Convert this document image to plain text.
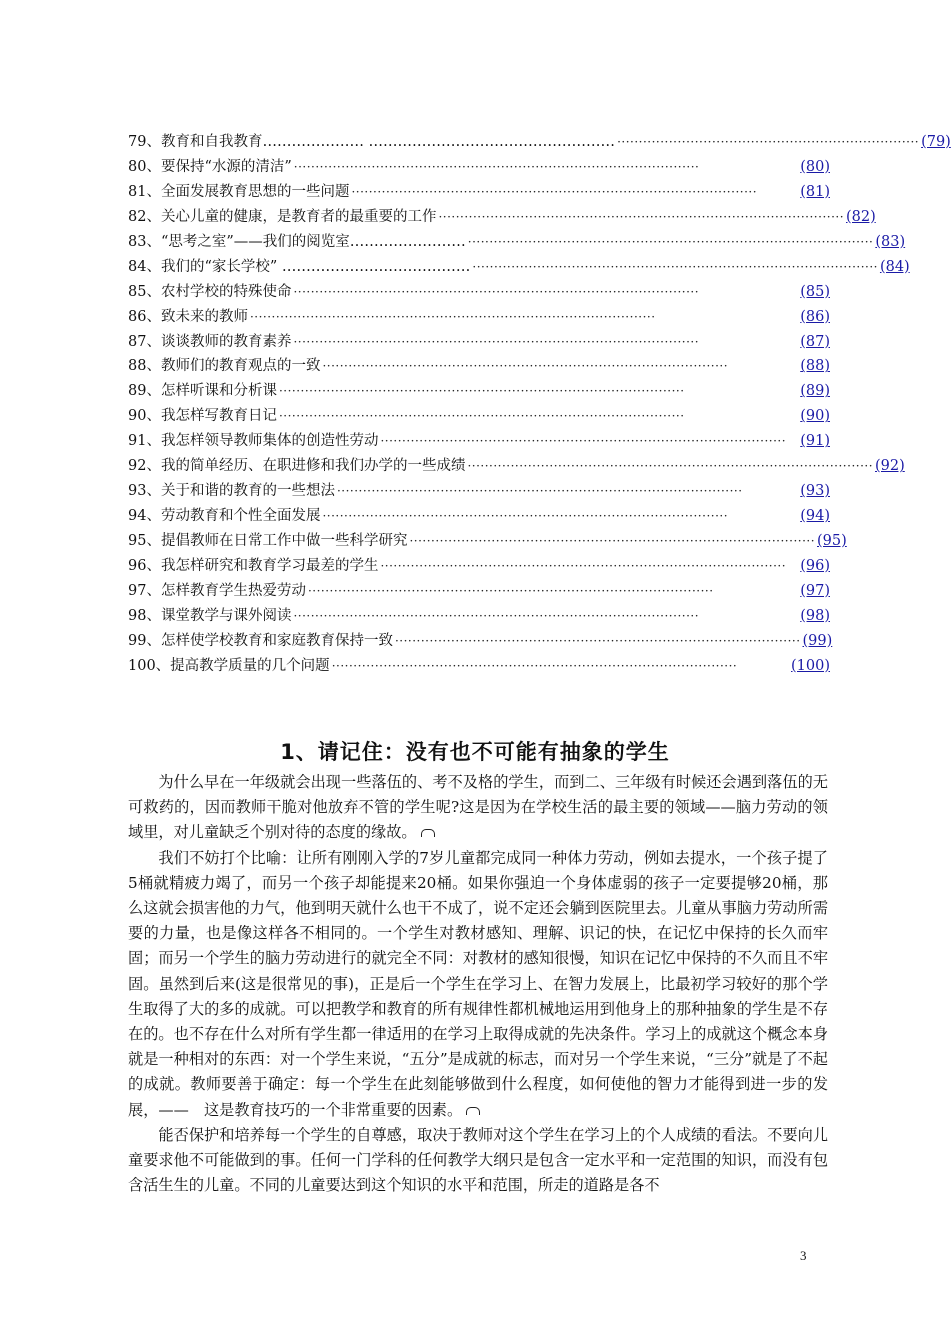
79、教育和自我教育………………… …………………………………………… ······································································ (79)
80、要保持“水源的清洁” ······························································································	(80)
81、全面发展教育思想的一些问题 ······························································································	(81)
82、关心儿童的健康，是教育者的最重要的工作 ······························································································ (82)
83、“思考之室”——我们的阅览室…………………… ······························································································ (83)
84、我们的“家长学校” ………………………………… ······························································································ (84)
85、农村学校的特殊使命 ······························································································	(85)
86、致未来的教师 ······························································································	(86)
87、谈谈教师的教育素养 ······························································································	(87)
88、教师们的教育观点的一致 ······························································································	(88)
89、怎样听课和分析课 ······························································································	(89)
90、我怎样写教育日记 ······························································································	(90)
91、我怎样领导教师集体的创造性劳动 ······························································································ (91)
92、我的简单经历、在职进修和我们办学的一些成绩 ······························································································ (92)
93、关于和谐的教育的一些想法 ······························································································	(93)
94、劳动教育和个性全面发展 ······························································································	(94)
95、提倡教师在日常工作中做一些科学研究 ······························································································ (95)
96、我怎样研究和教育学习最差的学生 ······························································································ (96)
97、怎样教育学生热爱劳动 ······························································································	(97)
98、课堂教学与课外阅读 ······························································································	(98)
99、怎样使学校教育和家庭教育保持一致 ······························································································ (99)
100、提高教学质量的几个问题 ······························································································	(100)
1、请记住：没有也不可能有抽象的学生

为什么早在一年级就会出现一些落伍的、考不及格的学生，而到二、三年级有时候还会遇到落伍的无可救药的，因而教师干脆对他放弃不管的学生呢?这是因为在学校生活的最主要的领域——脑力劳动的领域里，对儿童缺乏个别对待的态度的缘故。

我们不妨打个比喻：让所有刚刚入学的7岁儿童都完成同一种体力劳动，例如去提水，一个孩子提了5桶就精疲力竭了，而另一个孩子却能提来20桶。如果你强迫一个身体虚弱的孩子一定要提够20桶，那么这就会损害他的力气，他到明天就什么也干不成了，说不定还会躺到医院里去。儿童从事脑力劳动所需要的力量，也是像这样各不相同的。一个学生对教材感知、理解、识记的快，在记忆中保持的长久而牢固；而另一个学生的脑力劳动进行的就完全不同：对教材的感知很慢，知识在记忆中保持的不久而且不牢固。虽然到后来(这是很常见的事)，正是后一个学生在学习上、在智力发展上，比最初学习较好的那个学生取得了大的多的成就。可以把教学和教育的所有规律性都机械地运用到他身上的那种抽象的学生是不存在的。也不存在什么对所有学生都一律适用的在学习上取得成就的先决条件。学习上的成就这个概念本身就是一种相对的东西：对一个学生来说，“五分”是成就的标志，而对另一个学生来说，“三分”就是了不起的成就。教师要善于确定：每一个学生在此刻能够做到什么程度，如何使他的智力才能得到进一步的发展，——　这是教育技巧的一个非常重要的因素。

能否保护和培养每一个学生的自尊感，取决于教师对这个学生在学习上的个人成绩的看法。不要向儿童要求他不可能做到的事。任何一门学科的任何教学大纲只是包含一定水平和一定范围的知识，而没有包含活生生的儿童。不同的儿童要达到这个知识的水平和范围，所走的道路是各不

3
